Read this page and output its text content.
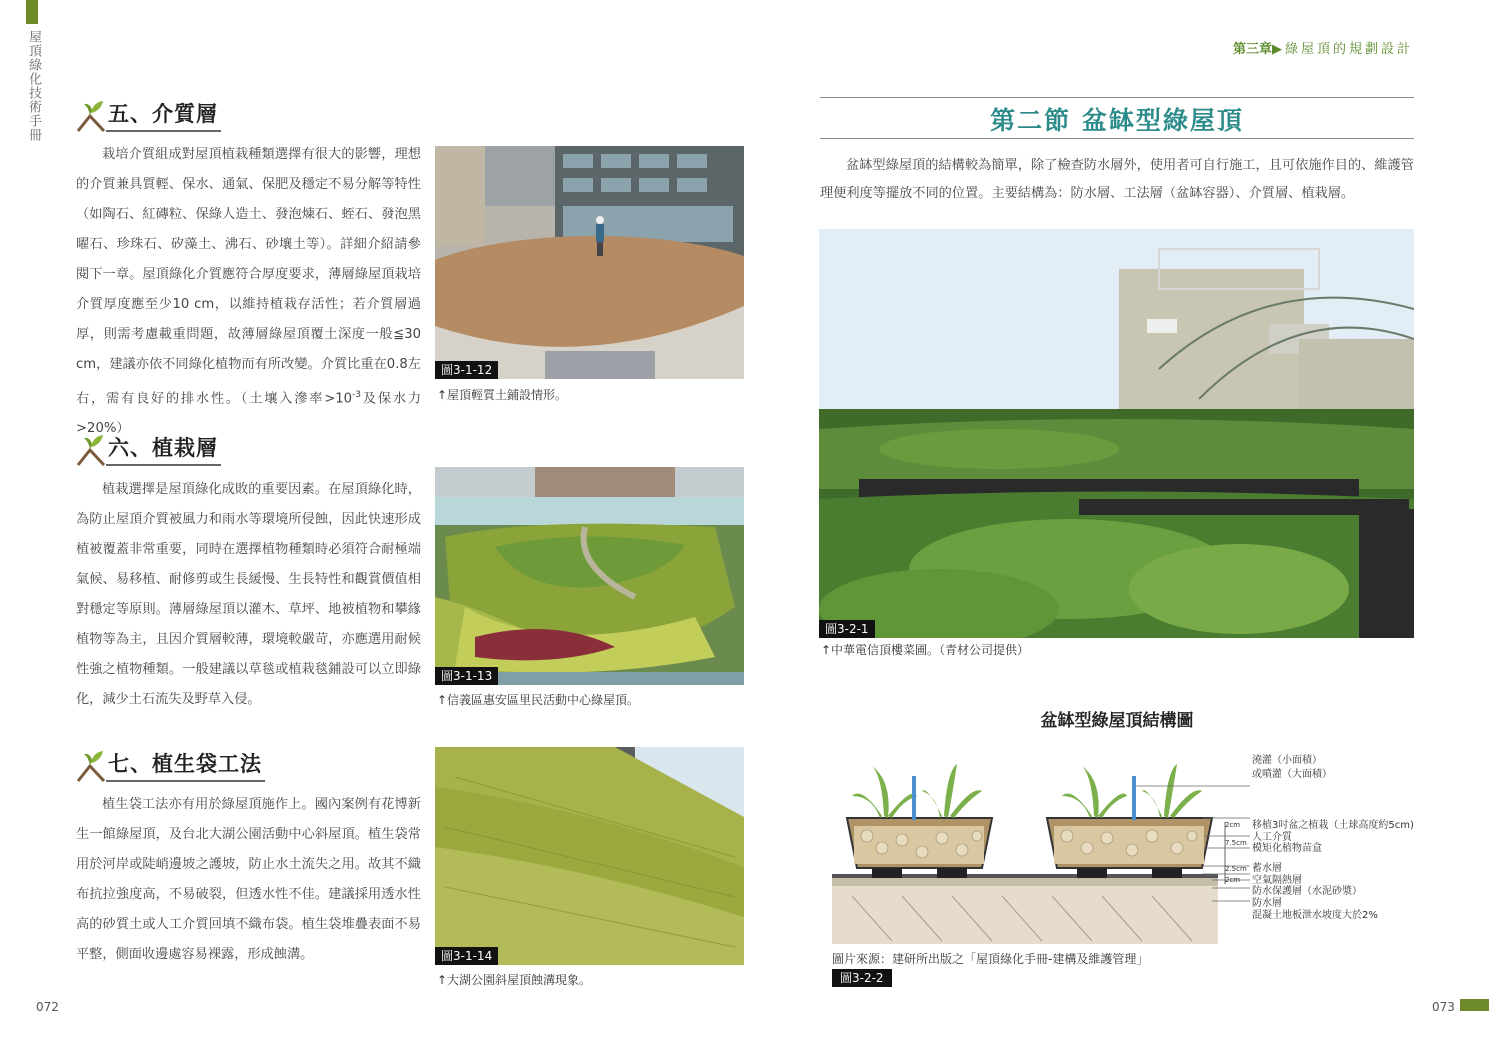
屋頂綠化技術手冊	第三章▶綠屋頂的規劃設計
五、介質層
栽培介質組成對屋頂植栽種類選擇有很大的影響，理想的介質兼具質輕、保水、通氣、保肥及穩定不易分解等特性（如陶石、紅磚粒、保綠人造土、發泡煉石、蛭石、發泡黑曜石、珍珠石、矽藻土、沸石、砂壤土等）。詳細介紹請參閱下一章。屋頂綠化介質應符合厚度要求，薄層綠屋頂栽培介質厚度應至少10 cm，以維持植栽存活性；若介質層過厚，則需考慮載重問題，故薄層綠屋頂覆土深度一般≦30 cm，建議亦依不同綠化植物而有所改變。介質比重在0.8左右，需有良好的排水性。（土壤入滲率$>10^{-3}$及保水力>20%）
圖3-1-12
↑屋頂輕質土鋪設情形。
六、植栽層
植栽選擇是屋頂綠化成敗的重要因素。在屋頂綠化時，為防止屋頂介質被風力和雨水等環境所侵蝕，因此快速形成植被覆蓋非常重要，同時在選擇植物種類時必須符合耐極端氣候、易移植、耐修剪或生長緩慢、生長特性和觀賞價值相對穩定等原則。薄層綠屋頂以灌木、草坪、地被植物和攀緣植物等為主，且因介質層較薄，環境較嚴苛，亦應選用耐候性強之植物種類。一般建議以草毯或植栽毯鋪設可以立即綠化，減少土石流失及野草入侵。
圖3-1-13
↑信義區惠安區里民活動中心綠屋頂。
七、植生袋工法
植生袋工法亦有用於綠屋頂施作上。國內案例有花博新生一館綠屋頂，及台北大湖公園活動中心斜屋頂。植生袋常用於河岸或陡峭邊坡之護坡，防止水土流失之用。故其不織布抗拉強度高，不易破裂，但透水性不佳。建議採用透水性高的砂質土或人工介質回填不織布袋。植生袋堆疊表面不易平整，側面收邊處容易裸露，形成蝕溝。	圖3-1-14
↑大湖公園斜屋頂蝕溝現象。
072
第二節 盆缽型綠屋頂
盆缽型綠屋頂的結構較為簡單，除了檢查防水層外，使用者可自行施工，且可依施作目的、維護管理便利度等擺放不同的位置。主要結構為：防水層、工法層（盆缽容器）、介質層、植栽層。
圖3-2-1
↑中華電信頂樓菜圃。（青材公司提供）
盆缽型綠屋頂結構圖
澆灌（小面積）
或噴灌（大面積）
移植3吋盆之植栽（土球高度約5cm)
人工介質
模矩化植物苗盒
蓄水層
空氣隔熱層
防水保護層（水泥砂漿）
防水層
混凝土地板泄水坡度大於2%
2cm
7.5cm
2.5cm
2cm
圖片來源：建研所出版之「屋頂綠化手冊-建構及維護管理」
圖3-2-2
073
